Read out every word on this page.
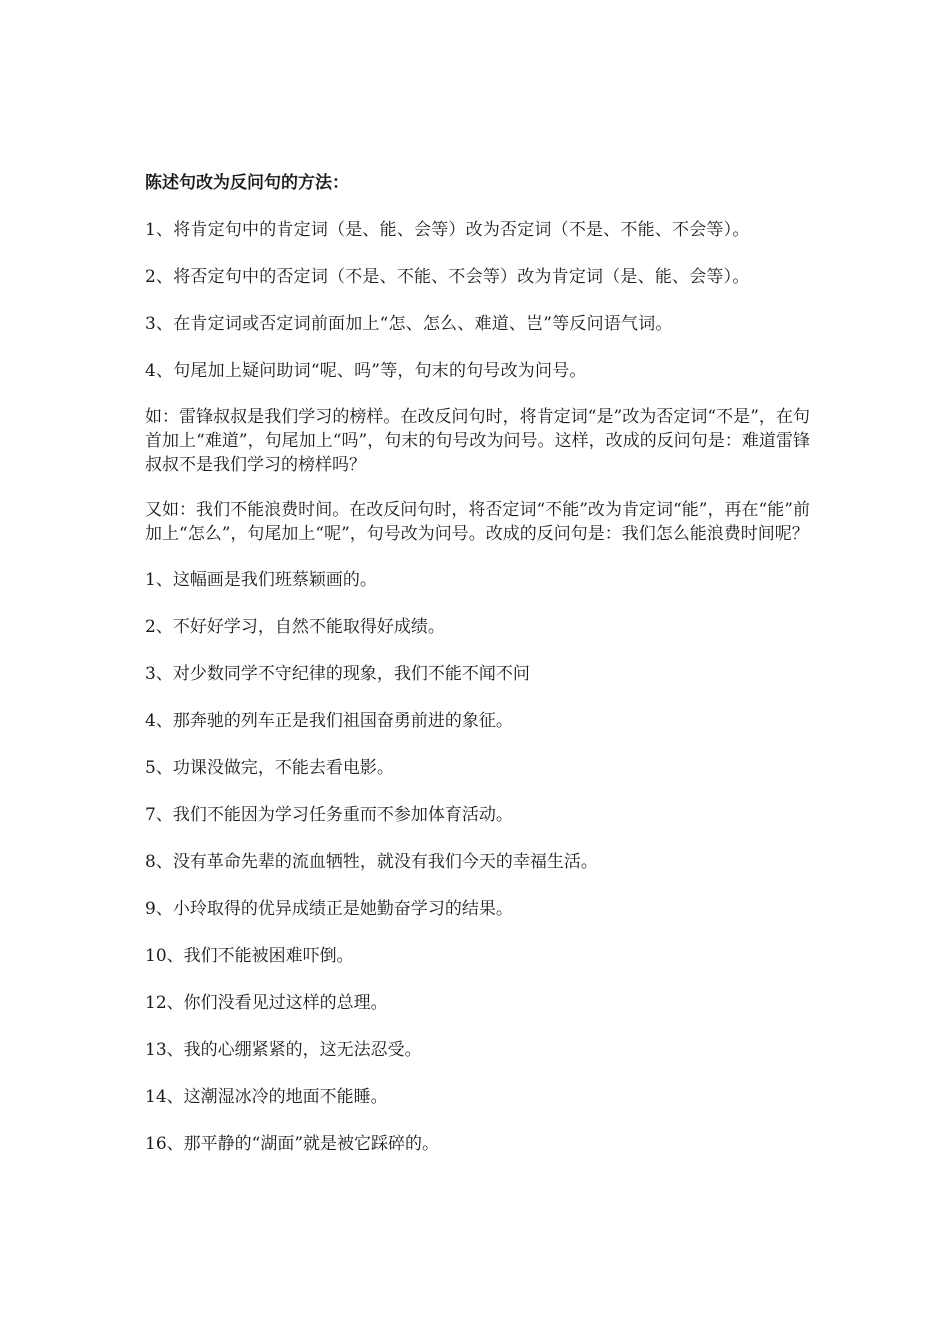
陈述句改为反问句的方法：
1、将肯定句中的肯定词（是、能、会等）改为否定词（不是、不能、不会等）。
2、将否定句中的否定词（不是、不能、不会等）改为肯定词（是、能、会等）。
3、在肯定词或否定词前面加上“怎、怎么、难道、岂”等反问语气词。
4、句尾加上疑问助词“呢、吗”等，句末的句号改为问号。
如：雷锋叔叔是我们学习的榜样。在改反问句时，将肯定词“是”改为否定词“不是”，在句首加上“难道”，句尾加上“吗”，句末的句号改为问号。这样，改成的反问句是：难道雷锋叔叔不是我们学习的榜样吗？
又如：我们不能浪费时间。在改反问句时，将否定词“不能”改为肯定词“能”，再在“能”前加上“怎么”，句尾加上“呢”，句号改为问号。改成的反问句是：我们怎么能浪费时间呢？
1、这幅画是我们班蔡颖画的。
2、不好好学习，自然不能取得好成绩。
3、对少数同学不守纪律的现象，我们不能不闻不问
4、那奔驰的列车正是我们祖国奋勇前进的象征。
5、功课没做完，不能去看电影。
7、我们不能因为学习任务重而不参加体育活动。
8、没有革命先辈的流血牺牲，就没有我们今天的幸福生活。
9、小玲取得的优异成绩正是她勤奋学习的结果。
10、我们不能被困难吓倒。
12、你们没看见过这样的总理。
13、我的心绷紧紧的，这无法忍受。
14、这潮湿冰冷的地面不能睡。
16、那平静的“湖面”就是被它踩碎的。
